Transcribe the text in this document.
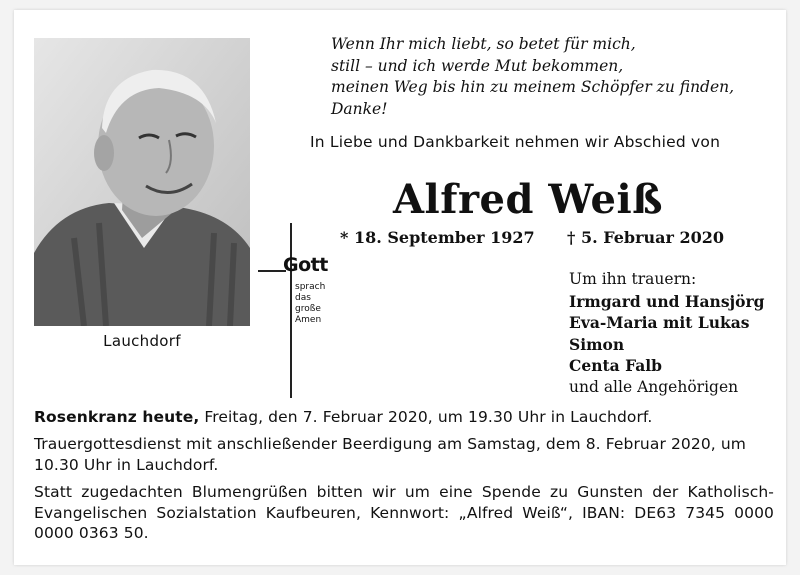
Lauchdorf
Wenn Ihr mich liebt, so betet für mich,
still – und ich werde Mut bekommen,
meinen Weg bis hin zu meinem Schöpfer zu finden,
Danke!
In Liebe und Dankbarkeit nehmen wir Abschied von
Alfred Weiß
* 18. September 1927 † 5. Februar 2020
Gott
sprach
das
große
Amen
Um ihn trauern:
Irmgard und Hansjörg
Eva-Maria mit Lukas
Simon
Centa Falb
und alle Angehörigen
Rosenkranz heute, Freitag, den 7. Februar 2020, um 19.30 Uhr in Lauchdorf.
Trauergottesdienst mit anschließender Beerdigung am Samstag, dem 8. Februar 2020, um 10.30 Uhr in Lauchdorf.
Statt zugedachten Blumengrüßen bitten wir um eine Spende zu Gunsten der Katholisch-Evangelischen Sozialstation Kaufbeuren, Kennwort: „Alfred Weiß“, IBAN: DE63 7345 0000 0000 0363 50.
